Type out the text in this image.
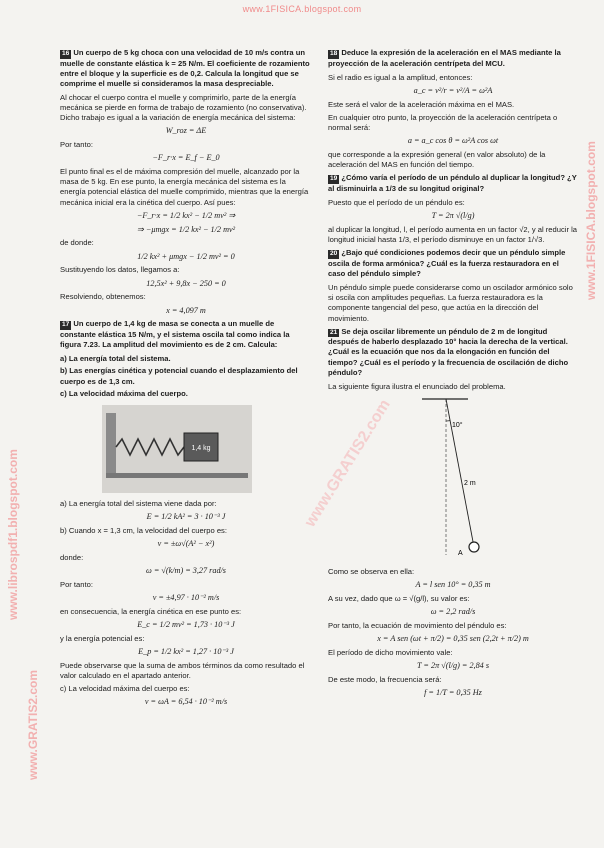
www.1FISICA.blogspot.com
www.librospdf1.blogspot.com
www.GRATIS2.com
www.1FISICA.blogspot.com
www.GRATIS2.com

16 Un cuerpo de 5 kg choca con una velocidad de 10 m/s contra un muelle de constante elástica k = 25 N/m. El coeficiente de rozamiento entre el bloque y la superficie es de 0,2. Calcula la longitud que se comprime el muelle si consideramos la masa despreciable.

Al chocar el cuerpo contra el muelle y comprimirlo, parte de la energía mecánica se pierde en forma de trabajo de rozamiento (no conservativa). Dicho trabajo es igual a la variación de energía mecánica del sistema:

W_roz = ΔE

Por tanto:

−F_r·x = E_f − E_0

El punto final es el de máxima compresión del muelle, alcanzado por la masa de 5 kg. En ese punto, la energía mecánica del sistema es la energía potencial elástica del muelle comprimido, mientras que la energía mecánica inicial era la cinética del cuerpo. Así pues:

−F_r·x = 1/2 kx² − 1/2 mv² ⇒
⇒ −μmgx = 1/2 kx² − 1/2 mv²

de donde:

1/2 kx² + μmgx − 1/2 mv² = 0

Sustituyendo los datos, llegamos a:

12,5x² + 9,8x − 250 = 0

Resolviendo, obtenemos:

x = 4,097 m

17 Un cuerpo de 1,4 kg de masa se conecta a un muelle de constante elástica 15 N/m, y el sistema oscila tal como indica la figura 7.23. La amplitud del movimiento es de 2 cm. Calcula:

a) La energía total del sistema.

b) Las energías cinética y potencial cuando el desplazamiento del cuerpo es de 1,3 cm.

c) La velocidad máxima del cuerpo.

1,4 kg

a) La energía total del sistema viene dada por:

E = 1/2 kA² = 3 · 10⁻³ J

b) Cuando x = 1,3 cm, la velocidad del cuerpo es:

v = ±ω√(A² − x²)

donde:

ω = √(k/m) = 3,27 rad/s

Por tanto:

v = ±4,97 · 10⁻² m/s

en consecuencia, la energía cinética en ese punto es:

E_c = 1/2 mv² = 1,73 · 10⁻³ J

y la energía potencial es:

E_p = 1/2 kx² = 1,27 · 10⁻³ J

Puede observarse que la suma de ambos términos da como resultado el valor calculado en el apartado anterior.

c) La velocidad máxima del cuerpo es:

v = ωA = 6,54 · 10⁻² m/s

18 Deduce la expresión de la aceleración en el MAS mediante la proyección de la aceleración centrípeta del MCU.

Si el radio es igual a la amplitud, entonces:

a_c = v²/r = v²/A = ω²A

Este será el valor de la aceleración máxima en el MAS.

En cualquier otro punto, la proyección de la aceleración centrípeta o normal será:

a = a_c cos θ = ω²A cos ωt

que corresponde a la expresión general (en valor absoluto) de la aceleración del MAS en función del tiempo.

19 ¿Cómo varía el período de un péndulo al duplicar la longitud? ¿Y al disminuirla a 1/3 de su longitud original?

Puesto que el período de un péndulo es:

T = 2π √(l/g)

al duplicar la longitud, l, el período aumenta en un factor √2, y al reducir la longitud inicial hasta 1/3, el período disminuye en un factor 1/√3.

20 ¿Bajo qué condiciones podemos decir que un péndulo simple oscila de forma armónica? ¿Cuál es la fuerza restauradora en el caso del péndulo simple?

Un péndulo simple puede considerarse como un oscilador armónico solo si oscila con amplitudes pequeñas. La fuerza restauradora es la componente tangencial del peso, que actúa en la dirección del movimiento.

21 Se deja oscilar libremente un péndulo de 2 m de longitud después de haberlo desplazado 10° hacia la derecha de la vertical. ¿Cuál es la ecuación que nos da la elongación en función del tiempo? ¿Cuál es el período y la frecuencia de oscilación de dicho péndulo?

La siguiente figura ilustra el enunciado del problema.

10°
2 m
A

Como se observa en ella:

A = l sen 10° = 0,35 m

A su vez, dado que ω = √(g/l), su valor es:

ω = 2,2 rad/s

Por tanto, la ecuación de movimiento del péndulo es:

x = A sen (ωt + π/2) = 0,35 sen (2,2t + π/2) m

El período de dicho movimiento vale:

T = 2π √(l/g) = 2,84 s

De este modo, la frecuencia será:

f = 1/T = 0,35 Hz
